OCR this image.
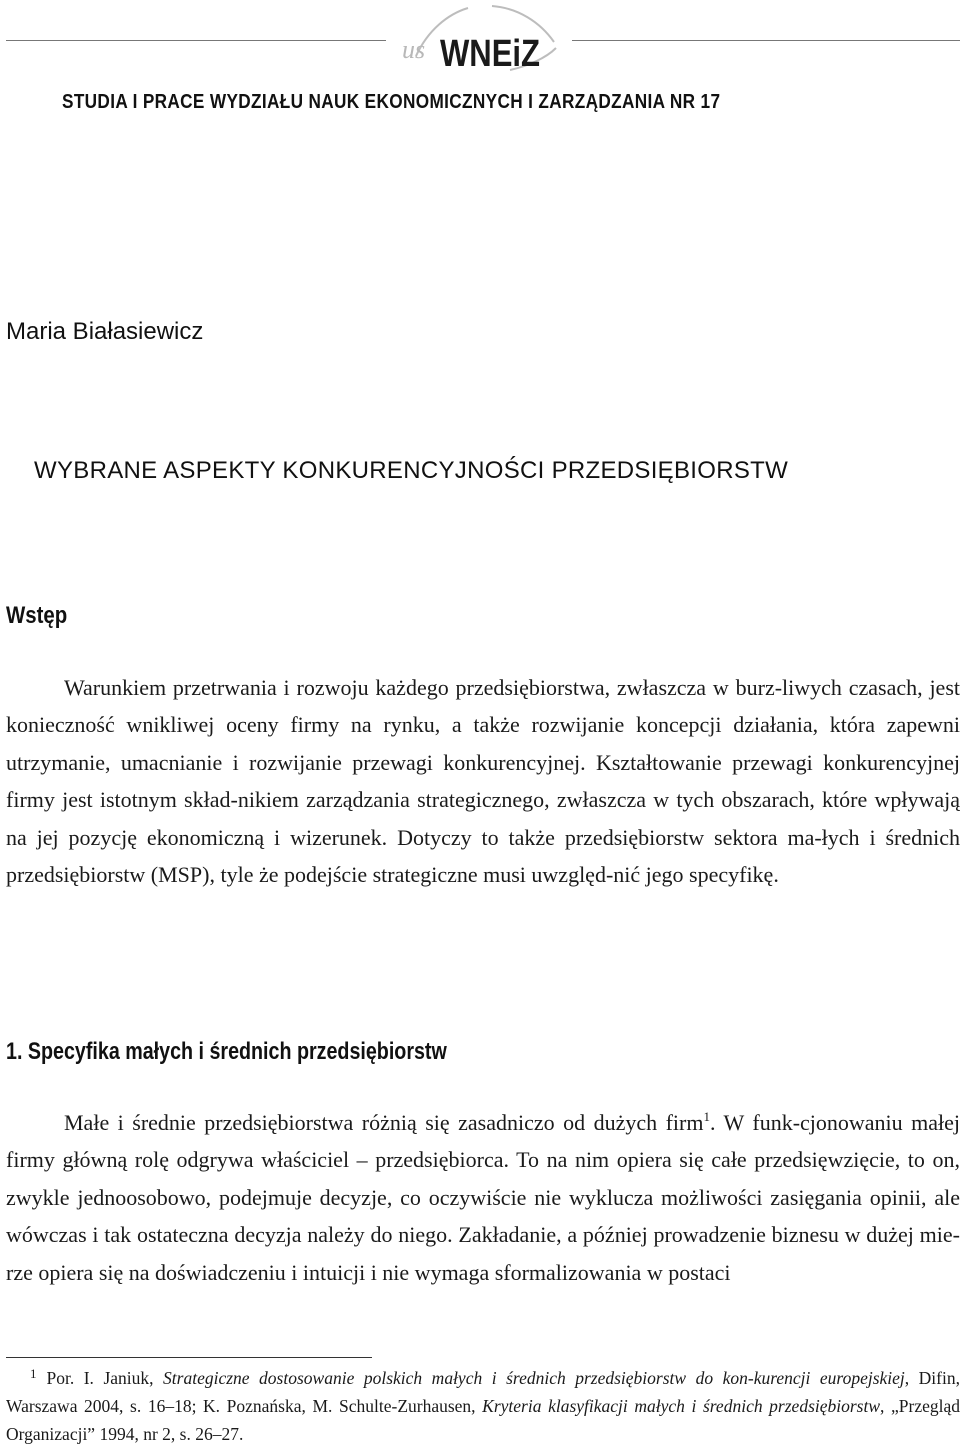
us WNEiZ
STUDIA I PRACE WYDZIAŁU NAUK EKONOMICZNYCH I ZARZĄDZANIA NR 17
Maria Białasiewicz
WYBRANE ASPEKTY KONKURENCYJNOŚCI PRZEDSIĘBIORSTW
Wstęp

Warunkiem przetrwania i rozwoju każdego przedsiębiorstwa, zwłaszcza w burz-liwych czasach, jest konieczność wnikliwej oceny firmy na rynku, a także rozwijanie koncepcji działania, która zapewni utrzymanie, umacnianie i rozwijanie przewagi konkurencyjnej. Kształtowanie przewagi konkurencyjnej firmy jest istotnym skład-nikiem zarządzania strategicznego, zwłaszcza w tych obszarach, które wpływają na jej pozycję ekonomiczną i wizerunek. Dotyczy to także przedsiębiorstw sektora ma-łych i średnich przedsiębiorstw (MSP), tyle że podejście strategiczne musi uwzględ-nić jego specyfikę.

1. Specyfika małych i średnich przedsiębiorstw

Małe i średnie przedsiębiorstwa różnią się zasadniczo od dużych firm$^1$. W funk-cjonowaniu małej firmy główną rolę odgrywa właściciel – przedsiębiorca. To na nim opiera się całe przedsięwzięcie, to on, zwykle jednoosobowo, podejmuje decyzje, co oczywiście nie wyklucza możliwości zasięgania opinii, ale wówczas i tak ostateczna decyzja należy do niego. Zakładanie, a później prowadzenie biznesu w dużej mie-rze opiera się na doświadczeniu i intuicji i nie wymaga sformalizowania w postaci

$^1$ Por. I. Janiuk, Strategiczne dostosowanie polskich małych i średnich przedsiębiorstw do kon-kurencji europejskiej, Difin, Warszawa 2004, s. 16–18; K. Poznańska, M. Schulte-Zurhausen, Kryteria klasyfikacji małych i średnich przedsiębiorstw, „Przegląd Organizacji” 1994, nr 2, s. 26–27.
